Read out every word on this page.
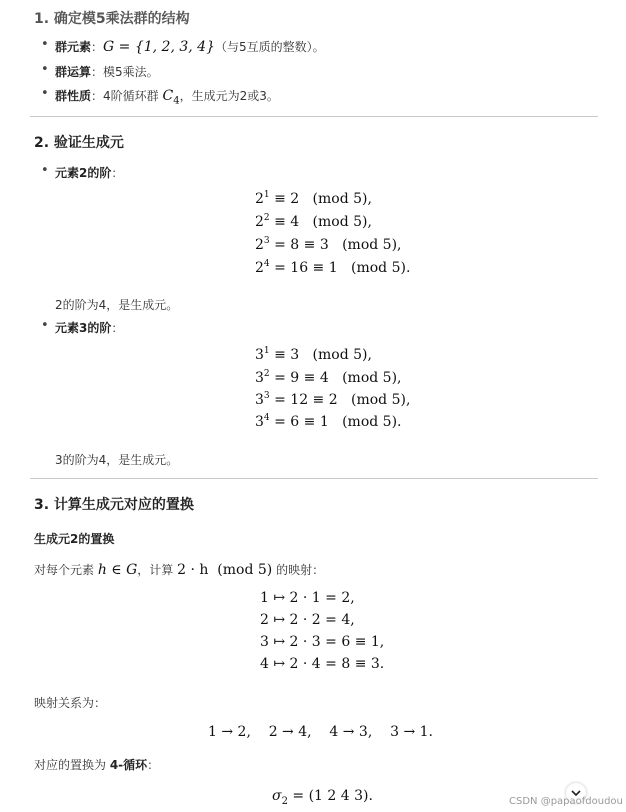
1. 确定模5乘法群的结构
• 群元素：G = {1, 2, 3, 4}（与5互质的整数）。
• 群运算：模5乘法。
• 群性质：4阶循环群 $C_4$，生成元为2或3。
2. 验证生成元
• 元素2的阶：
$2^1 \equiv 2$   (mod 5),
$2^2 \equiv 4$   (mod 5),
$2^3 = 8 \equiv 3$   (mod 5),
$2^4 = 16 \equiv 1$   (mod 5).
2的阶为4，是生成元。
• 元素3的阶：
$3^1 \equiv 3$   (mod 5),
$3^2 = 9 \equiv 4$   (mod 5),
$3^3 = 12 \equiv 2$   (mod 5),
$3^4 = 6 \equiv 1$   (mod 5).
3的阶为4，是生成元。
3. 计算生成元对应的置换
生成元2的置换
对每个元素 h ∈ G，计算 2 · h  (mod 5) 的映射：
1 ↦ 2 · 1 = 2,
2 ↦ 2 · 2 = 4,
3 ↦ 2 · 3 = 6 ≡ 1,
4 ↦ 2 · 4 = 8 ≡ 3.
映射关系为：
1 → 2,    2 → 4,    4 → 3,    3 → 1.
对应的置换为 4-循环：
$\sigma_2 = (1$ 2 4 3).	CSDN @papaofdoudou
